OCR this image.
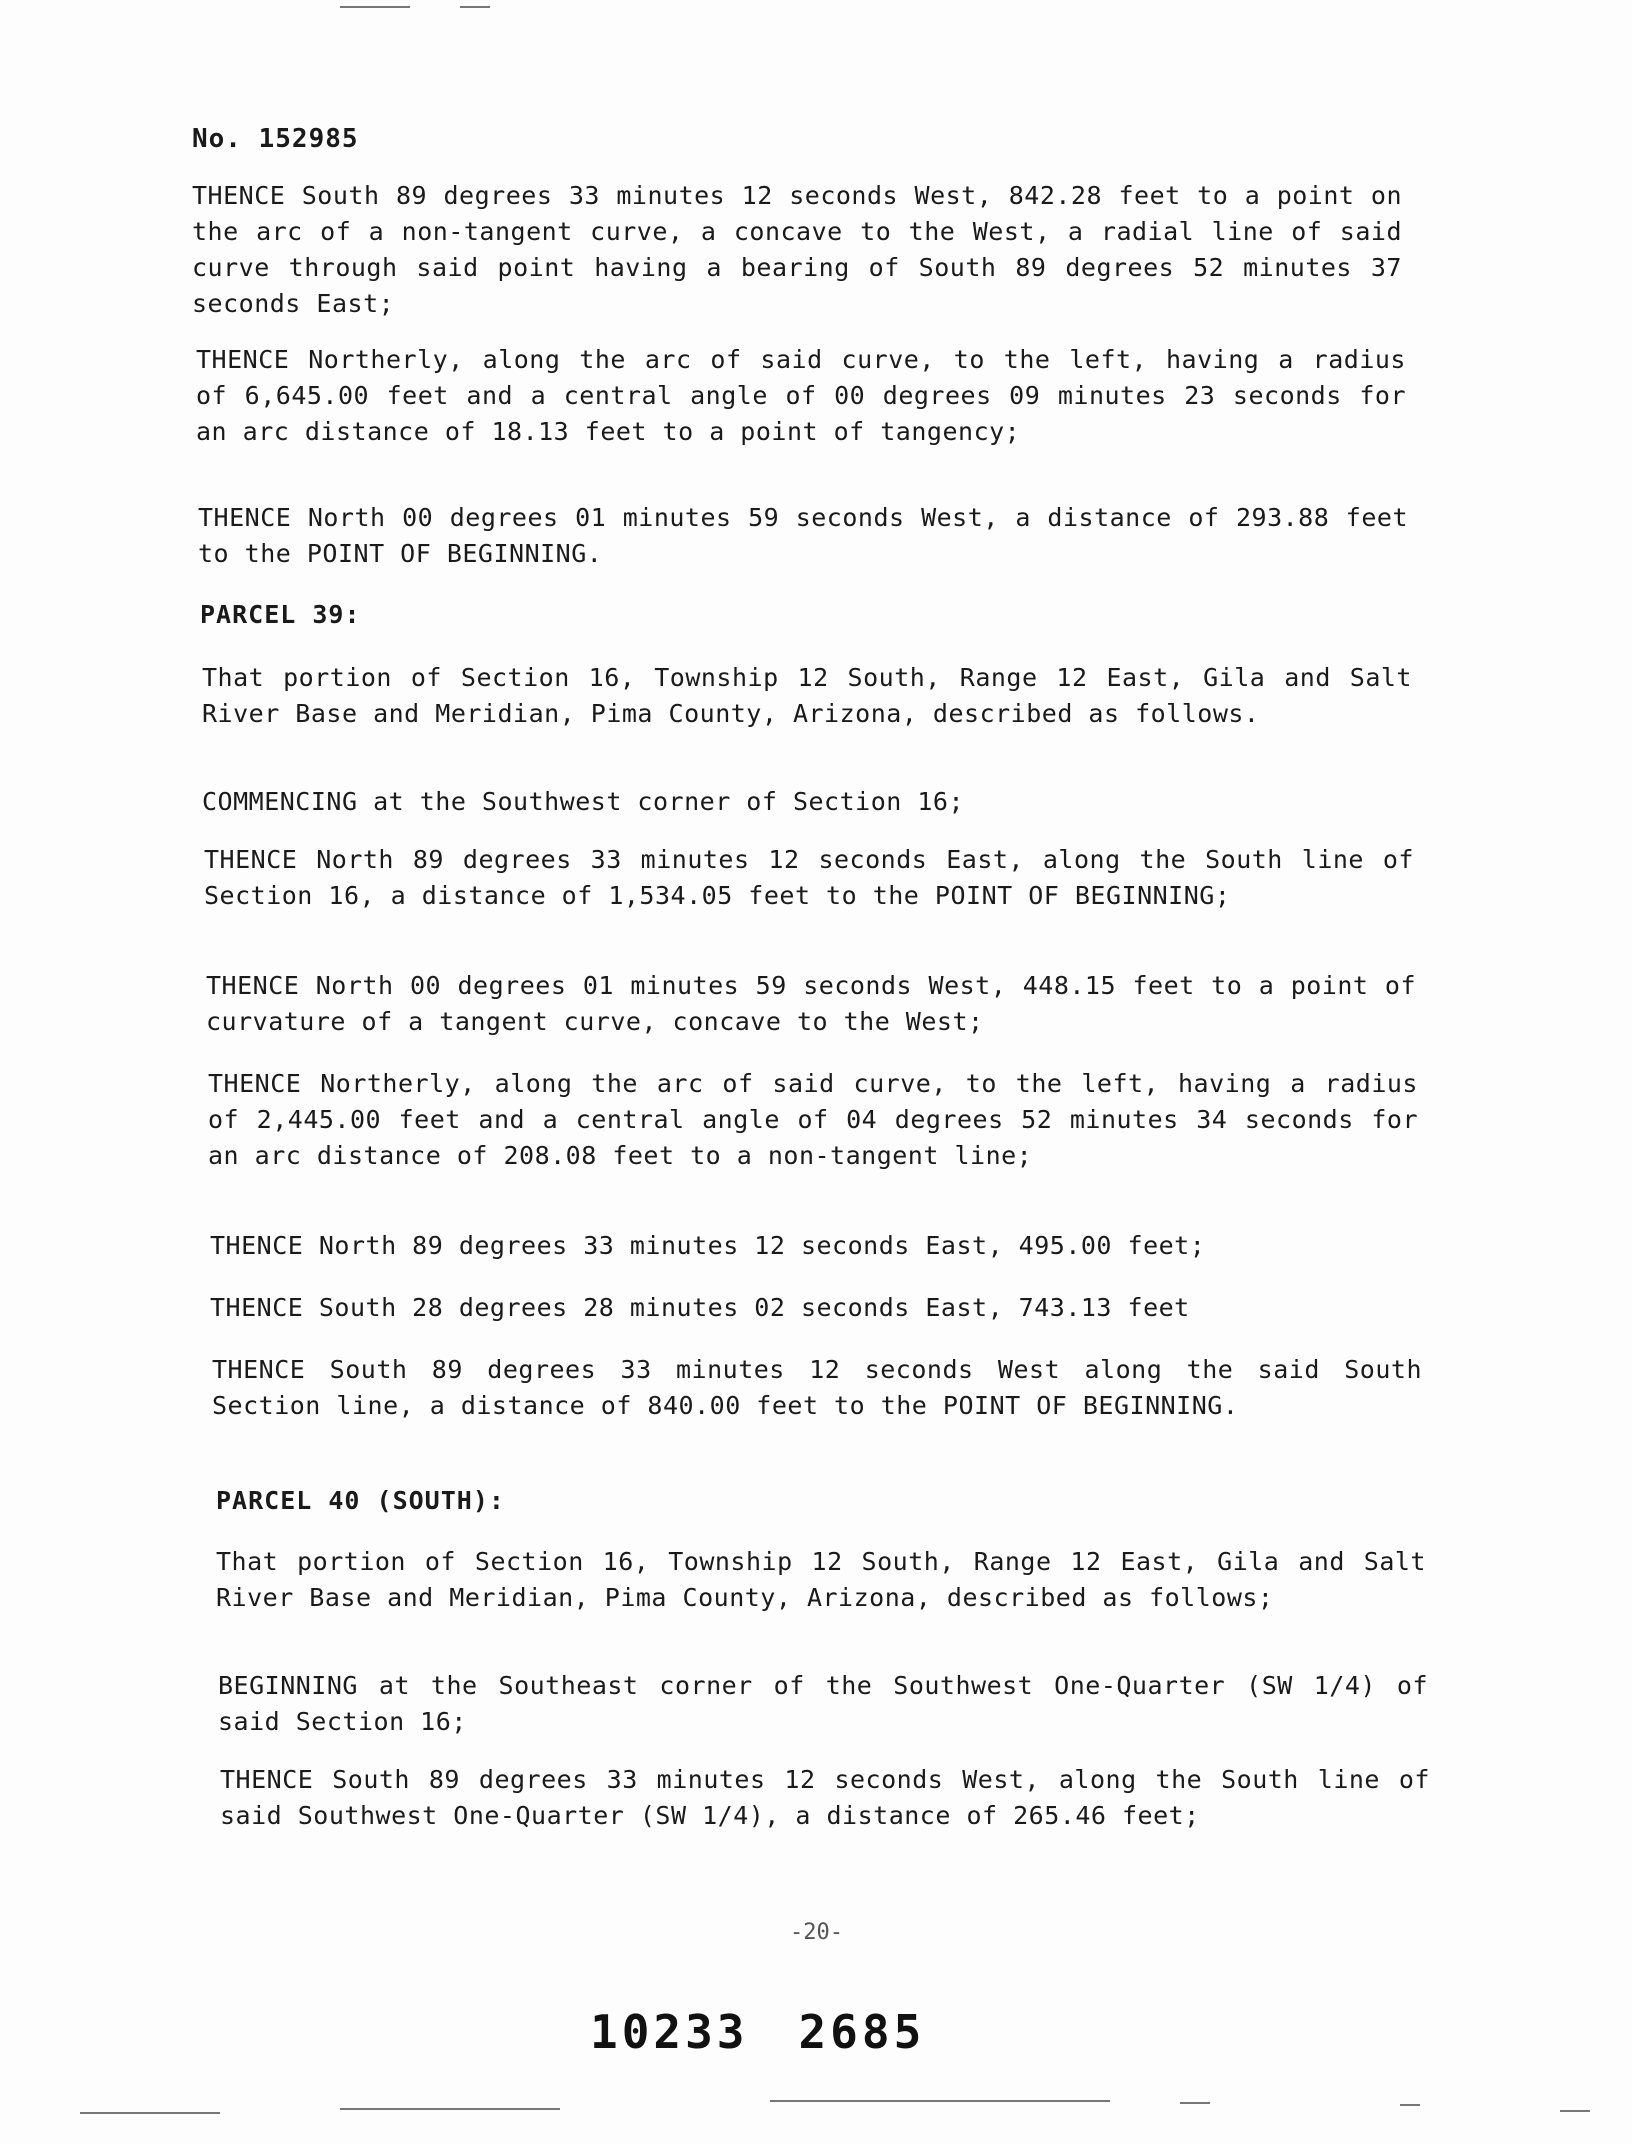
No. 152985
THENCE South 89 degrees 33 minutes 12 seconds West, 842.28 feet to a point on the arc of a non-tangent curve, a concave to the West, a radial line of said curve through said point having a bearing of South 89 degrees 52 minutes 37 seconds East;
THENCE Northerly, along the arc of said curve, to the left, having a radius of 6,645.00 feet and a central angle of 00 degrees 09 minutes 23 seconds for an arc distance of 18.13 feet to a point of tangency;
THENCE North 00 degrees 01 minutes 59 seconds West, a distance of 293.88 feet to the POINT OF BEGINNING.
PARCEL 39:
That portion of Section 16, Township 12 South, Range 12 East, Gila and Salt River Base and Meridian, Pima County, Arizona, described as follows.
COMMENCING at the Southwest corner of Section 16;
THENCE North 89 degrees 33 minutes 12 seconds East, along the South line of Section 16, a distance of 1,534.05 feet to the POINT OF BEGINNING;
THENCE North 00 degrees 01 minutes 59 seconds West, 448.15 feet to a point of curvature of a tangent curve, concave to the West;
THENCE Northerly, along the arc of said curve, to the left, having a radius of 2,445.00 feet and a central angle of 04 degrees 52 minutes 34 seconds for an arc distance of 208.08 feet to a non-tangent line;
THENCE North 89 degrees 33 minutes 12 seconds East, 495.00 feet;
THENCE South 28 degrees 28 minutes 02 seconds East, 743.13 feet
THENCE South 89 degrees 33 minutes 12 seconds West along the said South Section line, a distance of 840.00 feet to the POINT OF BEGINNING.
PARCEL 40 (SOUTH):
That portion of Section 16, Township 12 South, Range 12 East, Gila and Salt River Base and Meridian, Pima County, Arizona, described as follows;
BEGINNING at the Southeast corner of the Southwest One-Quarter (SW 1/4) of said Section 16;
THENCE South 89 degrees 33 minutes 12 seconds West, along the South line of said Southwest One-Quarter (SW 1/4), a distance of 265.46 feet;
-20-
10233 2685
